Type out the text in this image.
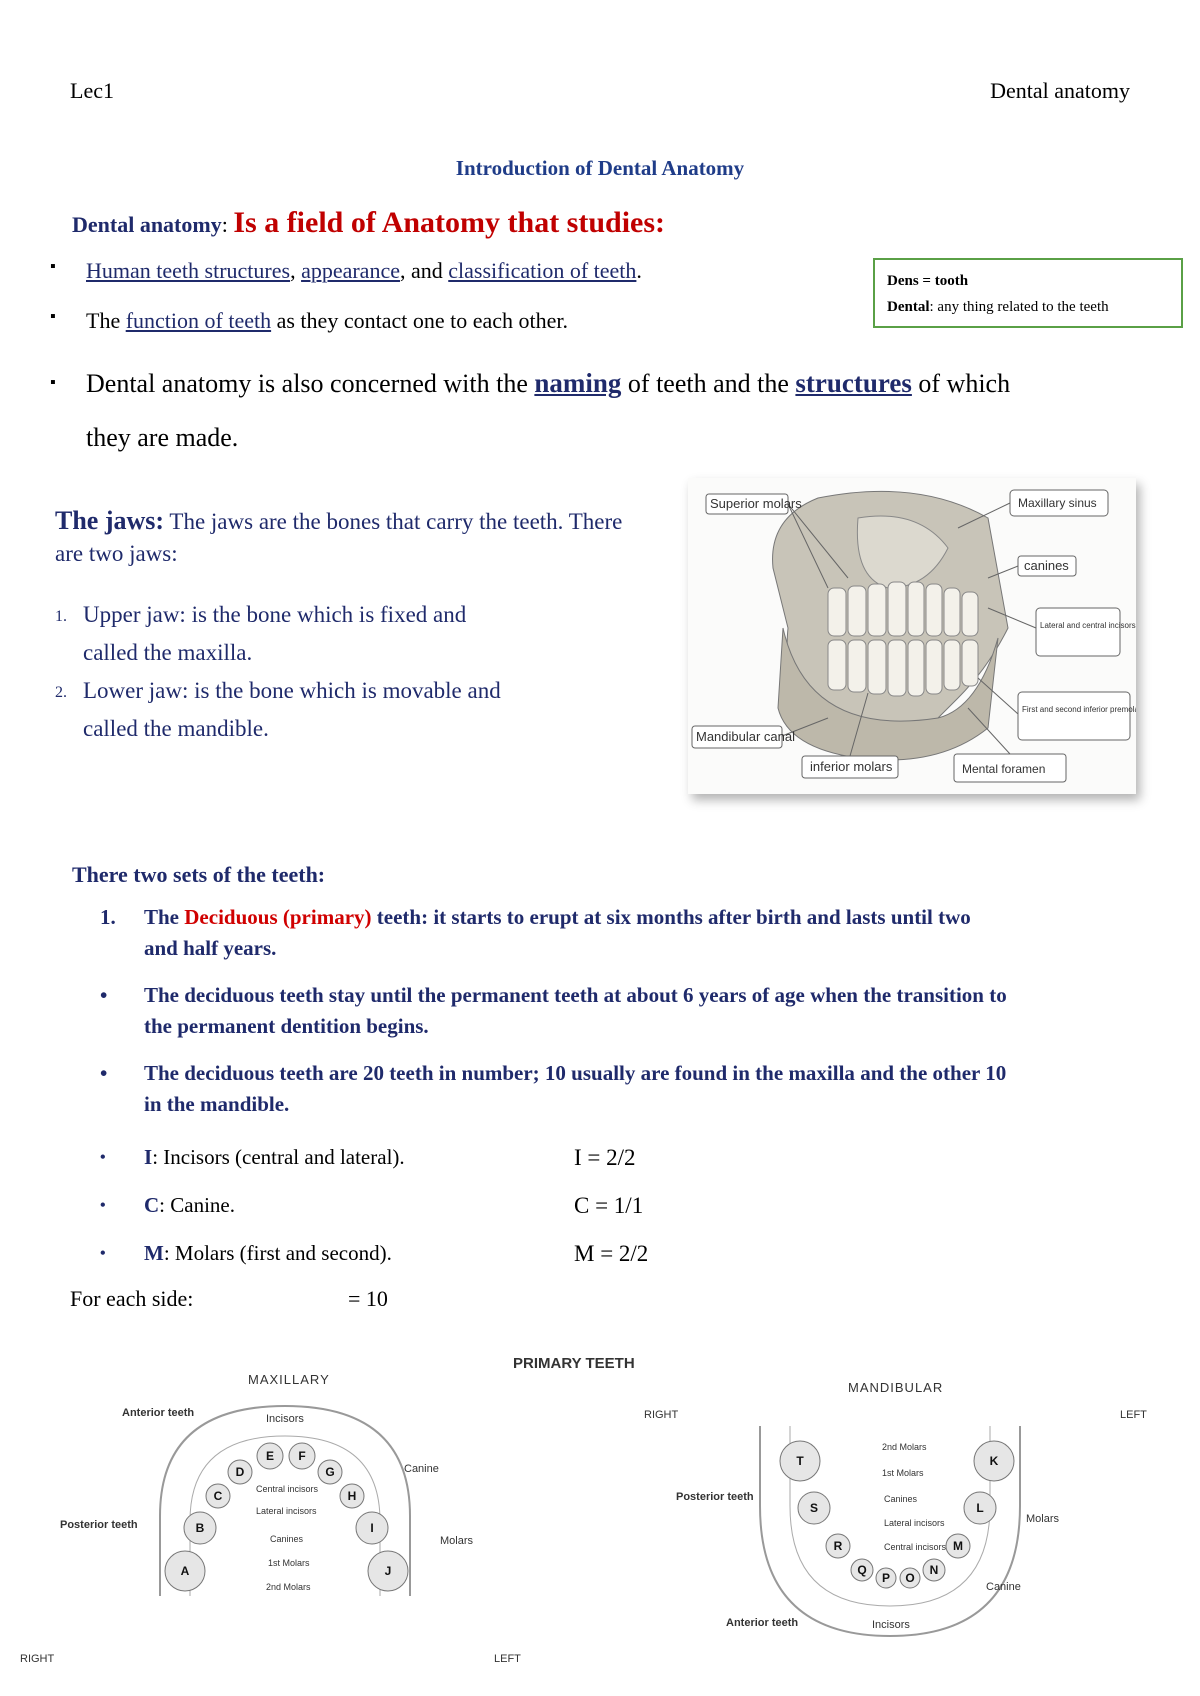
Lec1	Dental anatomy
Introduction of Dental Anatomy
Dental anatomy: Is a field of Anatomy that studies:
▪ Human teeth structures, appearance, and classification of teeth.
▪ The function of teeth as they contact one to each other.
▪ Dental anatomy is also concerned with the naming of teeth and the structures of which
they are made.
Dens = tooth
Dental: any thing related to the teeth
The jaws: The jaws are the bones that carry the teeth. There are two jaws:
1. Upper jaw: is the bone which is fixed and
called the maxilla.
2. Lower jaw: is the bone which is movable and
called the mandible.
Superior molars	Maxillary sinus
canines
Lateral and central incisors
First and second inferior premolars
Mandibular canal
inferior molars	Mental foramen
There two sets of the teeth:
1. The Deciduous (primary) teeth: it starts to erupt at six months after birth and lasts until two
and half years.
• The deciduous teeth stay until the permanent teeth at about 6 years of age when the transition to
the permanent dentition begins.
• The deciduous teeth are 20 teeth in number; 10 usually are found in the maxilla and the other 10
in the mandible.
• I: Incisors (central and lateral).	I = 2/2
• C: Canine.	C = 1/1
• M: Molars (first and second).	M = 2/2
For each side:	= 10
PRIMARY TEETH
MAXILLARY
A
B
C
D
E F
G
H
I
J
Anterior teeth
Posterior teeth
Incisors
Canine
Molars
Central incisors
Lateral incisors
Canines
1st Molars
2nd Molars
RIGHT	LEFT
MANDIBULAR
K
L
M
N
O
P
Q
R
S
T
RIGHT	LEFT
Posterior teeth
Anterior teeth
2nd Molars
1st Molars
Canines
Lateral incisors
Central incisors
Molars
Canine
Incisors
